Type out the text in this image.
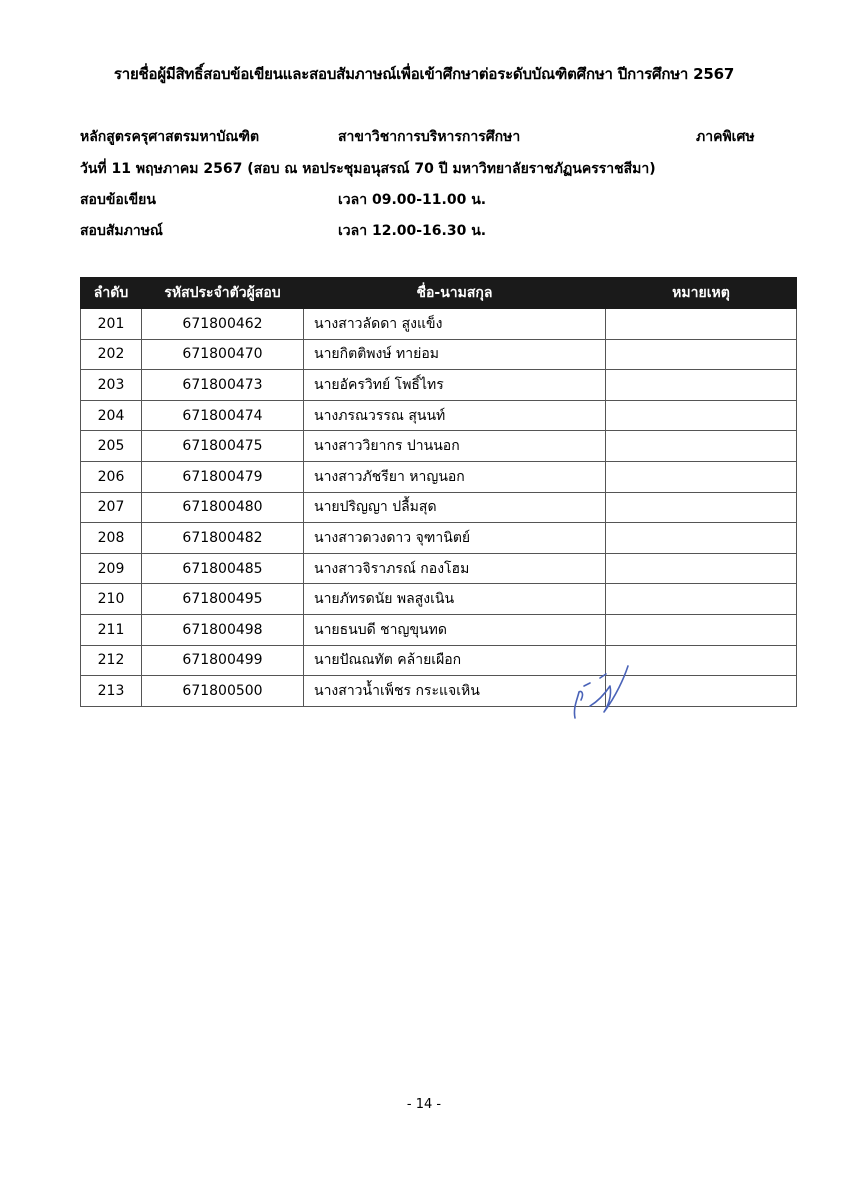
รายชื่อผู้มีสิทธิ์สอบข้อเขียนและสอบสัมภาษณ์เพื่อเข้าศึกษาต่อระดับบัณฑิตศึกษา ปีการศึกษา 2567
หลักสูตรครุศาสตรมหาบัณฑิต	สาขาวิชาการบริหารการศึกษา	ภาคพิเศษ
วันที่ 11 พฤษภาคม 2567 (สอบ ณ หอประชุมอนุสรณ์ 70 ปี มหาวิทยาลัยราชภัฏนครราชสีมา)
สอบข้อเขียน	เวลา 09.00-11.00 น.
สอบสัมภาษณ์	เวลา 12.00-16.30 น.
ลำดับ	รหัสประจำตัวผู้สอบ	ชื่อ-นามสกุล	หมายเหตุ
201	671800462	นางสาวลัดดา สูงแข็ง	
202	671800470	นายกิตติพงษ์ ทาย่อม	
203	671800473	นายอัครวิทย์ โพธิ์ไทร	
204	671800474	นางภรณวรรณ สุนนท์	
205	671800475	นางสาววิยากร ปานนอก	
206	671800479	นางสาวภัชรียา หาญนอก	
207	671800480	นายปริญญา ปลื้มสุด	
208	671800482	นางสาวดวงดาว จุฑานิตย์	
209	671800485	นางสาวจิราภรณ์ กองโฮม	
210	671800495	นายภัทรดนัย พลสูงเนิน	
211	671800498	นายธนบดี ชาญขุนทด	
212	671800499	นายปัณณทัต คล้ายเผือก	
213	671800500	นางสาวน้ำเพ็ชร กระแจเหิน	
- 14 -
